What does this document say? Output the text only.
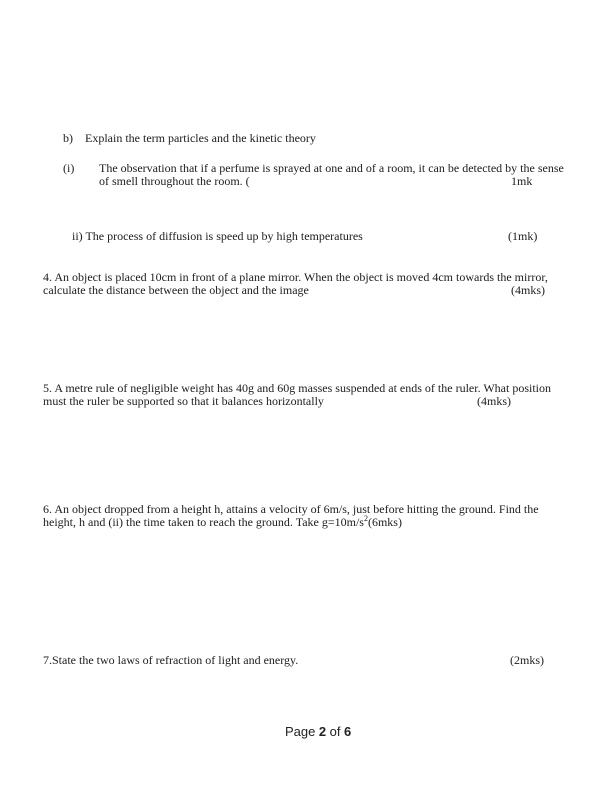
b) Explain the term particles and the kinetic theory
(i) The observation that if a perfume is sprayed at one and of a room, it can be detected by the sense
of smell throughout the room. (	1mk
ii) The process of diffusion is speed up by high temperatures	(1mk)
4. An object is placed 10cm in front of a plane mirror. When the object is moved 4cm towards the mirror,
calculate the distance between the object and the image	(4mks)
5. A metre rule of negligible weight has 40g and 60g masses suspended at ends of the ruler. What position
must the ruler be supported so that it balances horizontally	(4mks)
6. An object dropped from a height h, attains a velocity of 6m/s, just before hitting the ground. Find the
height, h and (ii) the time taken to reach the ground. Take $g=10m/s^2(6mks)$
7.State the two laws of refraction of light and energy.	(2mks)
Page 2 of 6
